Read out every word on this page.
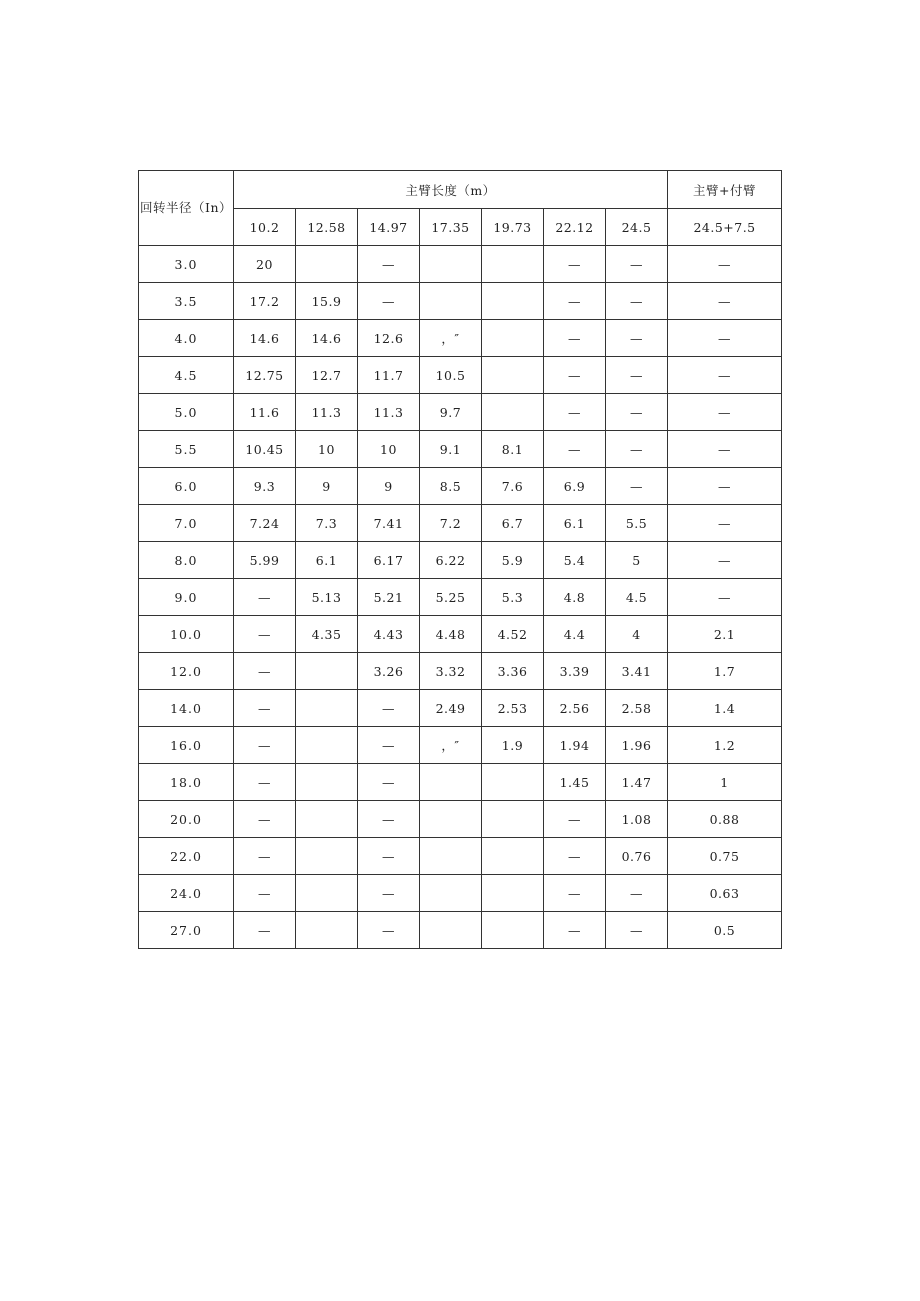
回转半径（In）	主臂长度（m）							主臂+付臂
	10.2	12.58	14.97	17.35	19.73	22.12	24.5	24.5+7.5
3.0	20		—			—	—	—
3.5	17.2	15.9	—			—	—	—
4.0	14.6	14.6	12.6	，″		—	—	—
4.5	12.75	12.7	11.7	10.5		—	—	—
5.0	11.6	11.3	11.3	9.7		—	—	—
5.5	10.45	10	10	9.1	8.1	—	—	—
6.0	9.3	9	9	8.5	7.6	6.9	—	—
7.0	7.24	7.3	7.41	7.2	6.7	6.1	5.5	—
8.0	5.99	6.1	6.17	6.22	5.9	5.4	5	—
9.0	—	5.13	5.21	5.25	5.3	4.8	4.5	—
10.0	—	4.35	4.43	4.48	4.52	4.4	4	2.1
12.0	—		3.26	3.32	3.36	3.39	3.41	1.7
14.0	—		—	2.49	2.53	2.56	2.58	1.4
16.0	—		—	，″	1.9	1.94	1.96	1.2
18.0	—		—			1.45	1.47	1
20.0	—		—			—	1.08	0.88
22.0	—		—			—	0.76	0.75
24.0	—		—			—	—	0.63
27.0	—		—			—	—	0.5
